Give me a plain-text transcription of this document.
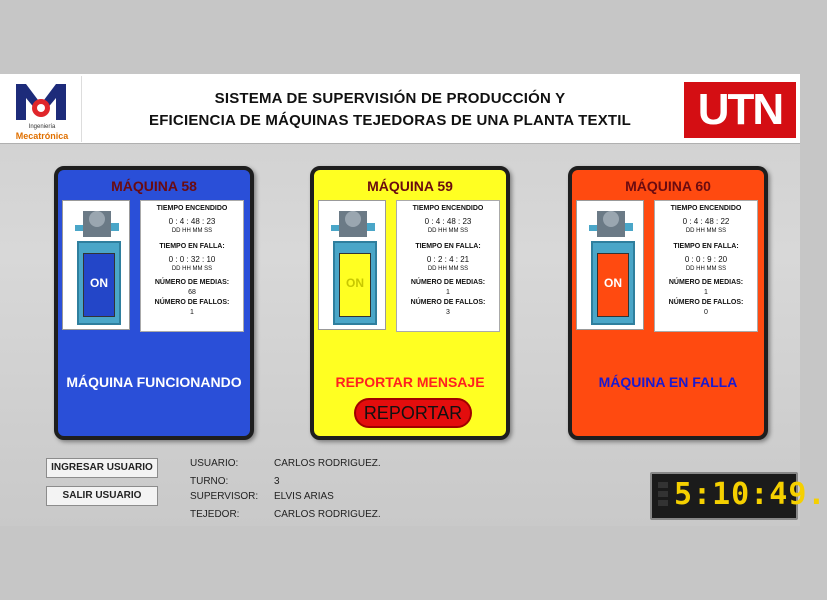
Ingeniería
Mecatrónica
SISTEMA DE SUPERVISIÓN DE PRODUCCIÓN Y
EFICIENCIA DE MÁQUINAS TEJEDORAS DE UNA PLANTA TEXTIL	UTN
MÁQUINA 58
ON
TIEMPO ENCENDIDO
0 : 4 : 48 : 23
DD HH MM SS
TIEMPO EN FALLA:
0 : 0 : 32 : 10
DD HH MM SS
NÚMERO DE MEDIAS:
68
NÚMERO DE FALLOS:
1
MÁQUINA FUNCIONANDO
MÁQUINA 59
ON
TIEMPO ENCENDIDO
0 : 4 : 48 : 23
DD HH MM SS
TIEMPO EN FALLA:
0 : 2 : 4 : 21
DD HH MM SS
NÚMERO DE MEDIAS:
1
NÚMERO DE FALLOS:
3
REPORTAR MENSAJE
REPORTAR
MÁQUINA 60
ON
TIEMPO ENCENDIDO
0 : 4 : 48 : 22
DD HH MM SS
TIEMPO EN FALLA:
0 : 0 : 9 : 20
DD HH MM SS
NÚMERO DE MEDIAS:
1
NÚMERO DE FALLOS:
0
MÁQUINA EN FALLA
INGRESAR USUARIO
SALIR USUARIO
USUARIO:	CARLOS RODRIGUEZ.
TURNO:	3
SUPERVISOR: ELVIS ARIAS
TEJEDOR:	CARLOS RODRIGUEZ.
5:10:49.
